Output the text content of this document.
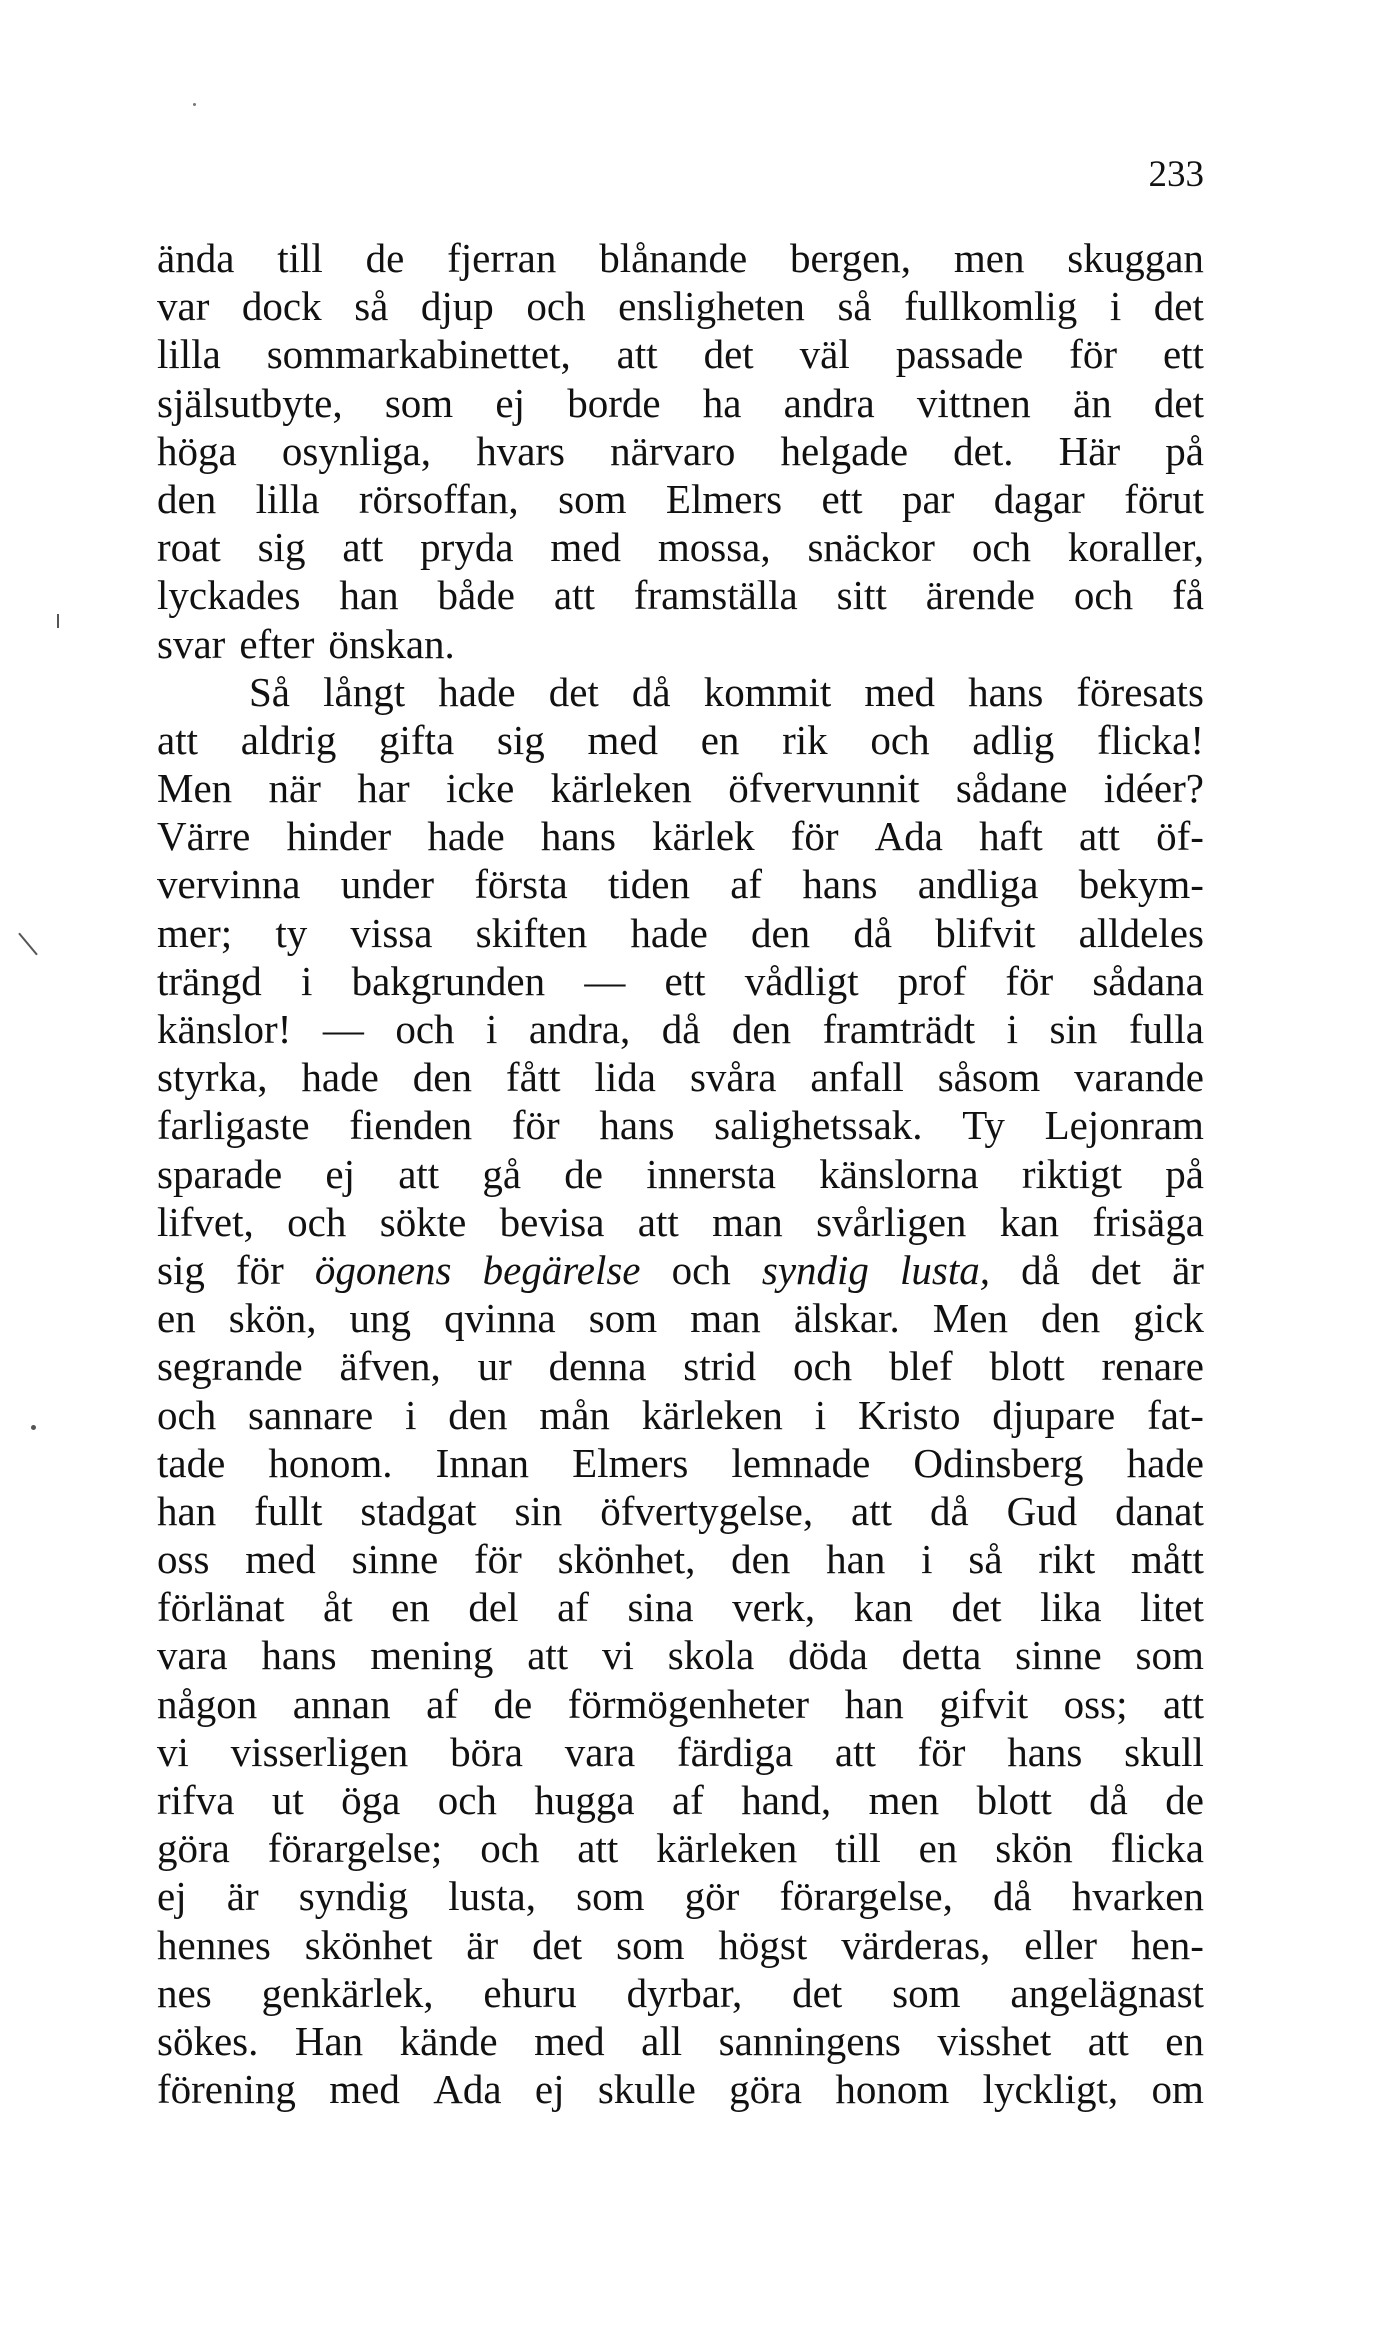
233
ända till de fjerran blånande bergen, men skuggan
var dock så djup och ensligheten så fullkomlig i det
lilla sommarkabinettet, att det väl passade för ett
själsutbyte, som ej borde ha andra vittnen än det
höga osynliga, hvars närvaro helgade det. Här på
den lilla rörsoffan, som Elmers ett par dagar förut
roat sig att pryda med mossa, snäckor och koraller,
lyckades han både att framställa sitt ärende och få
svar efter önskan.
Så långt hade det då kommit med hans föresats
att aldrig gifta sig med en rik och adlig flicka!
Men när har icke kärleken öfvervunnit sådane idéer?
Värre hinder hade hans kärlek för Ada haft att öf-
vervinna under första tiden af hans andliga bekym-
mer; ty vissa skiften hade den då blifvit alldeles
trängd i bakgrunden — ett vådligt prof för sådana
känslor! — och i andra, då den framträdt i sin fulla
styrka, hade den fått lida svåra anfall såsom varande
farligaste fienden för hans salighetssak. Ty Lejonram
sparade ej att gå de innersta känslorna riktigt på
lifvet, och sökte bevisa att man svårligen kan frisäga
sig för ögonens begärelse och syndig lusta, då det är
en skön, ung qvinna som man älskar. Men den gick
segrande äfven, ur denna strid och blef blott renare
och sannare i den mån kärleken i Kristo djupare fat-
tade honom. Innan Elmers lemnade Odinsberg hade
han fullt stadgat sin öfvertygelse, att då Gud danat
oss med sinne för skönhet, den han i så rikt mått
förlänat åt en del af sina verk, kan det lika litet
vara hans mening att vi skola döda detta sinne som
någon annan af de förmögenheter han gifvit oss; att
vi visserligen böra vara färdiga att för hans skull
rifva ut öga och hugga af hand, men blott då de
göra förargelse; och att kärleken till en skön flicka
ej är syndig lusta, som gör förargelse, då hvarken
hennes skönhet är det som högst värderas, eller hen-
nes genkärlek, ehuru dyrbar, det som angelägnast
sökes. Han kände med all sanningens visshet att en
förening med Ada ej skulle göra honom lyckligt, om
